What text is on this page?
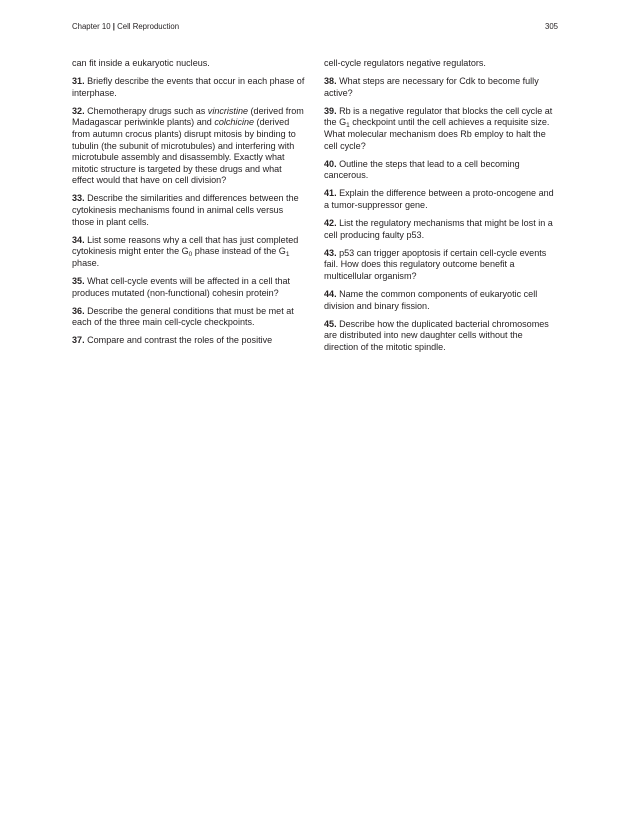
Chapter 10 | Cell Reproduction	305

can fit inside a eukaryotic nucleus.

31. Briefly describe the events that occur in each phase of interphase.

32. Chemotherapy drugs such as vincristine (derived from Madagascar periwinkle plants) and colchicine (derived from autumn crocus plants) disrupt mitosis by binding to tubulin (the subunit of microtubules) and interfering with microtubule assembly and disassembly. Exactly what mitotic structure is targeted by these drugs and what effect would that have on cell division?

33. Describe the similarities and differences between the cytokinesis mechanisms found in animal cells versus those in plant cells.

34. List some reasons why a cell that has just completed cytokinesis might enter the $G_0$ phase instead of the $G_1$ phase.

35. What cell-cycle events will be affected in a cell that produces mutated (non-functional) cohesin protein?

36. Describe the general conditions that must be met at each of the three main cell-cycle checkpoints.

37. Compare and contrast the roles of the positive

cell-cycle regulators negative regulators.

38. What steps are necessary for Cdk to become fully active?

39. Rb is a negative regulator that blocks the cell cycle at the $G_1$ checkpoint until the cell achieves a requisite size. What molecular mechanism does Rb employ to halt the cell cycle?

40. Outline the steps that lead to a cell becoming cancerous.

41. Explain the difference between a proto-oncogene and a tumor-suppressor gene.

42. List the regulatory mechanisms that might be lost in a cell producing faulty p53.

43. p53 can trigger apoptosis if certain cell-cycle events fail. How does this regulatory outcome benefit a multicellular organism?

44. Name the common components of eukaryotic cell division and binary fission.

45. Describe how the duplicated bacterial chromosomes are distributed into new daughter cells without the direction of the mitotic spindle.
